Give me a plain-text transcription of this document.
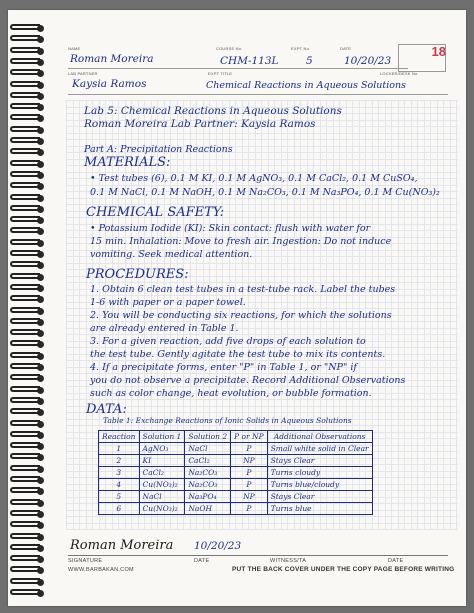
NAME
Roman Moreira
COURSE No.
CHM-113L
EXPT No.
5
DATE
10/20/23
18
LAB PARTNER
Kaysia Ramos
EXPT TITLE
Chemical Reactions in Aqueous Solutions
LOCKER/DESK No.
Lab 5: Chemical Reactions in Aqueous Solutions
Roman Moreira Lab Partner: Kaysia Ramos
Part A: Precipitation Reactions
MATERIALS:
• Test tubes (6), 0.1 M KI, 0.1 M AgNO₃, 0.1 M CaCl₂, 0.1 M CuSO₄,
0.1 M NaCl, 0.1 M NaOH, 0.1 M Na₂CO₃, 0.1 M Na₃PO₄, 0.1 M Cu(NO₃)₂
CHEMICAL SAFETY:
• Potassium Iodide (KI): Skin contact: flush with water for
15 min. Inhalation: Move to fresh air. Ingestion: Do not induce
vomiting. Seek medical attention.
PROCEDURES:
1. Obtain 6 clean test tubes in a test-tube rack. Label the tubes
1-6 with paper or a paper towel.
2. You will be conducting six reactions, for which the solutions
are already entered in Table 1.
3. For a given reaction, add five drops of each solution to
the test tube. Gently agitate the test tube to mix its contents.
4. If a precipitate forms, enter "P" in Table 1, or "NP" if
you do not observe a precipitate. Record Additional Observations
such as color change, heat evolution, or bubble formation.
DATA:
Table 1: Exchange Reactions of Ionic Solids in Aqueous Solutions
Reaction	Solution 1	Solution 2	P or NP	Additional Observations
1	AgNO₃	NaCl	P	Small white solid in Clear
2	KI	CaCl₂	NP	Stays Clear
3	CaCl₂	Na₂CO₃	P	Turns cloudy
4	Cu(NO₃)₂	Na₂CO₃	P	Turns blue/cloudy
5	NaCl	Na₃PO₄	NP	Stays Clear
6	Cu(NO₃)₂	NaOH	P	Turns blue
Roman Moreira 10/20/23
SIGNATURE	DATE	WITNESS/TA	DATE
WWW.BARBAKAN.COM	PUT THE BACK COVER UNDER THE COPY PAGE BEFORE WRITING
